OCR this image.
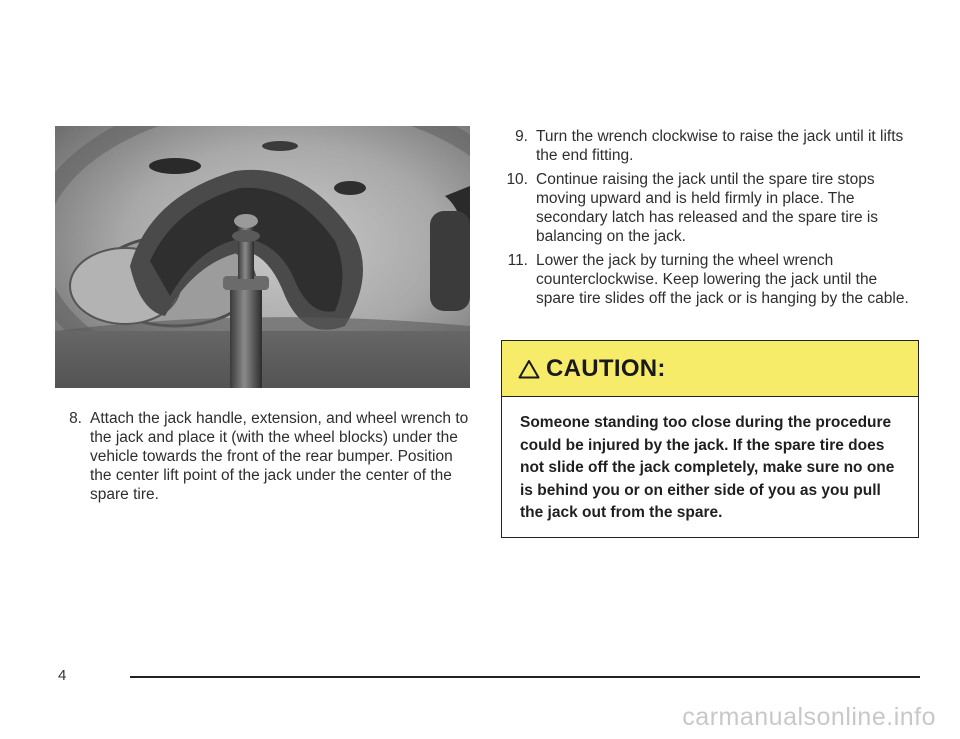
8. Attach the jack handle, extension, and wheel wrench to the jack and place it (with the wheel blocks) under the vehicle towards the front of the rear bumper. Position the center lift point of the jack under the center of the spare tire.
9. Turn the wrench clockwise to raise the jack until it lifts the end fitting.
10. Continue raising the jack until the spare tire stops moving upward and is held firmly in place. The secondary latch has released and the spare tire is balancing on the jack.
11. Lower the jack by turning the wheel wrench counterclockwise. Keep lowering the jack until the spare tire slides off the jack or is hanging by the cable.
CAUTION:
Someone standing too close during the procedure could be injured by the jack. If the spare tire does not slide off the jack completely, make sure no one is behind you or on either side of you as you pull the jack out from the spare.
4
carmanualsonline.info
